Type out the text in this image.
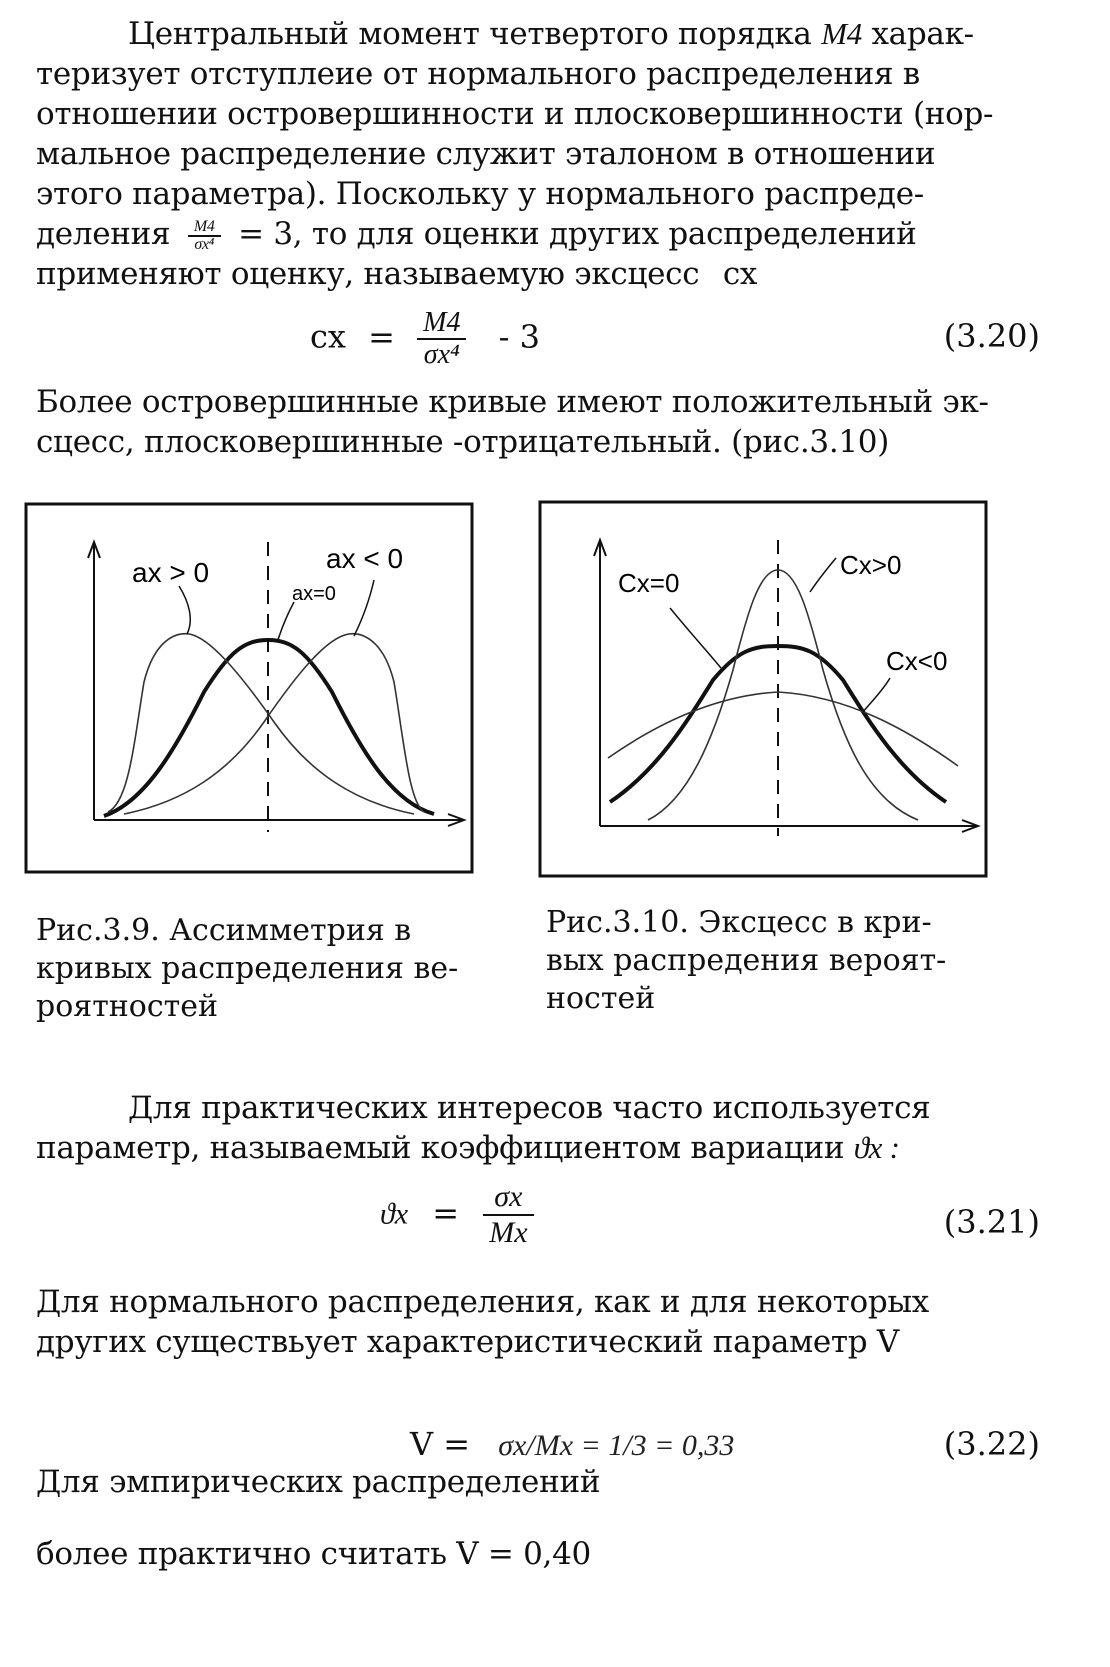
Центральный момент четвертого порядка M4 харак-
теризует отступлеие от нормального распределения в
отношении островершинности и плосковершинности (нор-
мальное распределение служит эталоном в отношении
этого параметра). Поскольку у нормального распреде-
деления $\frac{M4}{\text{σx⁴}} = 3$, то для оценки других распределений
применяют оценку, называемую эксцесс cx
cx = $\frac{M4}{\text{σx⁴}} - 3$	(3.20)
Более островершинные кривые имеют положительный эк-
сцесс, плосковершинные -отрицательный. (рис.3.10)
ax > 0	ax < 0
ax=0	Cx=0
Cx>0
Cx<0
Рис.3.9. Ассимметрия в
кривых распределения ве-
роятностей
Рис.3.10. Эксцесс в кри-
вых распредения вероят-
ностей
Для практических интересов часто используется
параметр, называемый коэффициентом вариации ϑx :
$ϑx = \frac{\sigma x}{Mx}$	(3.21)
Для нормального распределения, как и для некоторых
других существьует характеристический параметр V
V = σx/Mx = 1/3 = 0,33	(3.22)
Для эмпирических распределений
более практично считать V = 0,40
